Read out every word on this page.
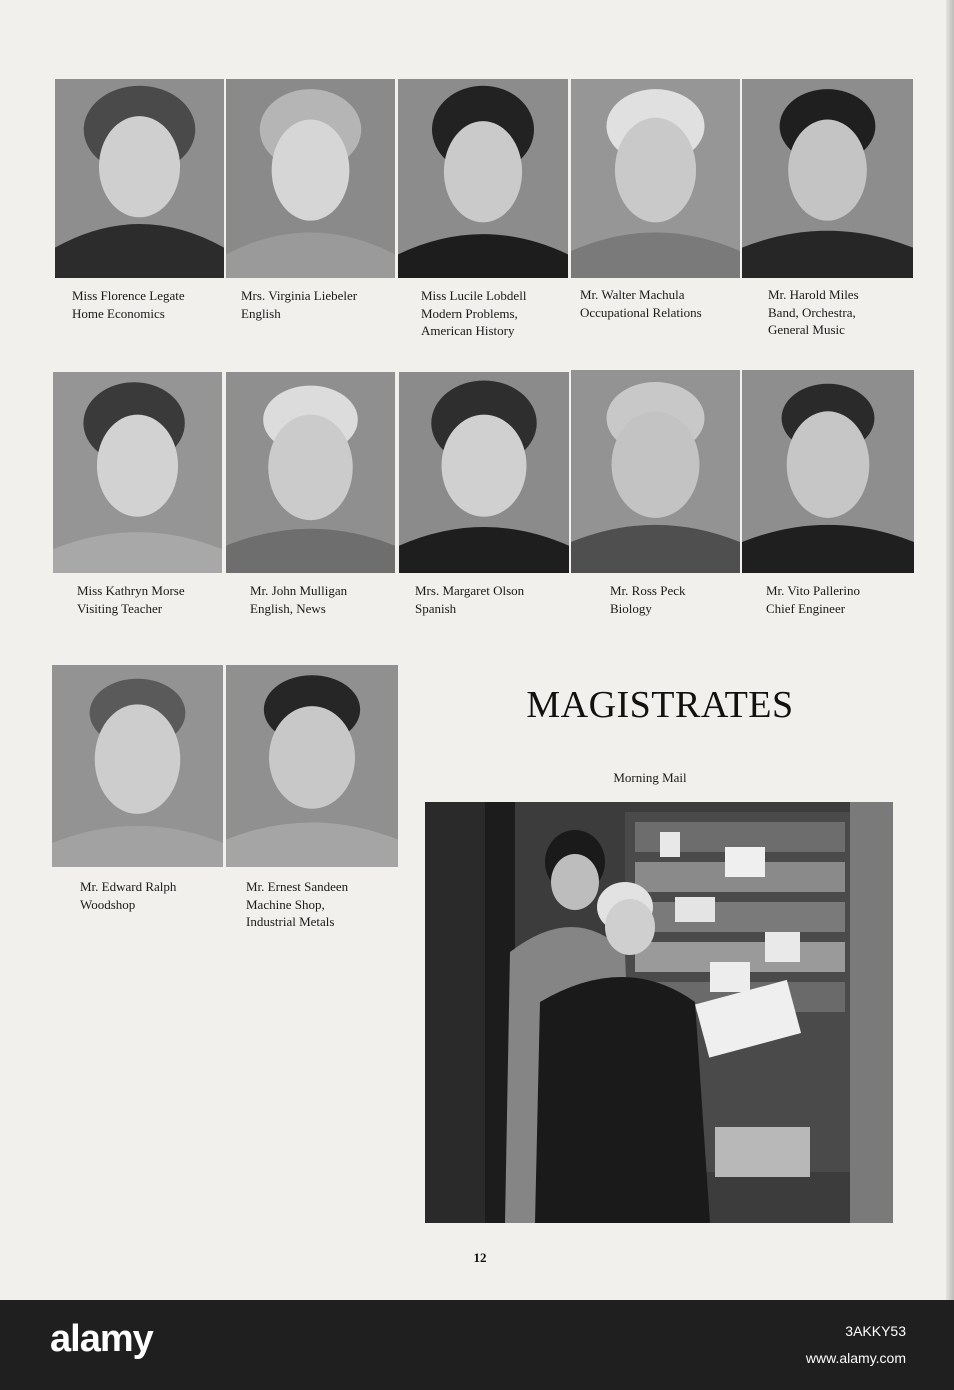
Miss Florence Legate
Home Economics
Mrs. Virginia Liebeler
English
Miss Lucile Lobdell
Modern Problems,
American History
Mr. Walter Machula
Occupational Relations
Mr. Harold Miles
Band, Orchestra,
General Music
Miss Kathryn Morse
Visiting Teacher
Mr. John Mulligan
English, News
Mrs. Margaret Olson
Spanish
Mr. Ross Peck
Biology
Mr. Vito Pallerino
Chief Engineer
Mr. Edward Ralph
Woodshop
Mr. Ernest Sandeen
Machine Shop,
Industrial Metals
MAGISTRATES
Morning Mail
12
alamy	3AKKY53
www.alamy.com
